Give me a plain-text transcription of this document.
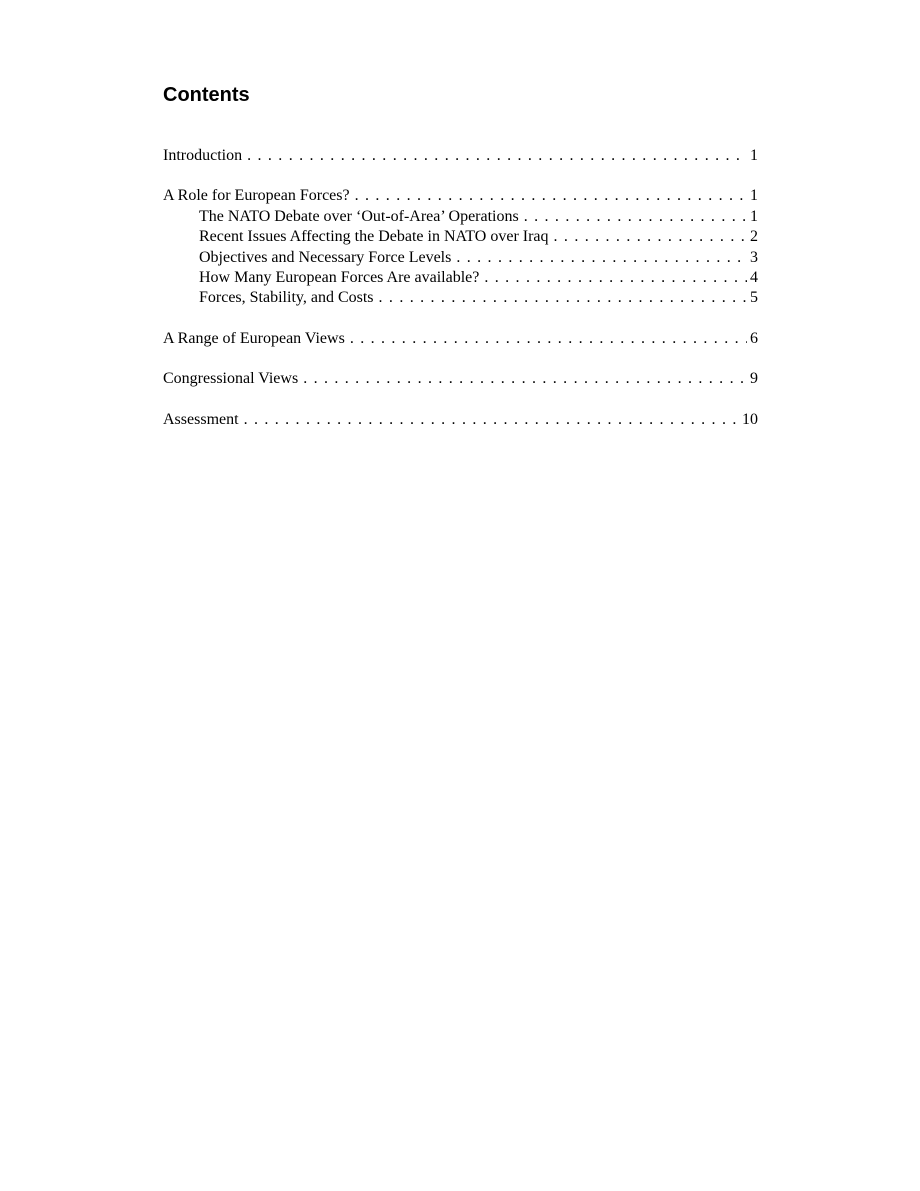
Contents
Introduction . . .	1
A Role for European Forces? . . .	1
The NATO Debate over ‘Out-of-Area’ Operations . . .	1
Recent Issues Affecting the Debate in NATO over Iraq . . .	2
Objectives and Necessary Force Levels . . .	3
How Many European Forces Are available? . . .	4
Forces, Stability, and Costs . . .	5
A Range of European Views . . .	6
Congressional Views . . .	9
Assessment . . .	10
